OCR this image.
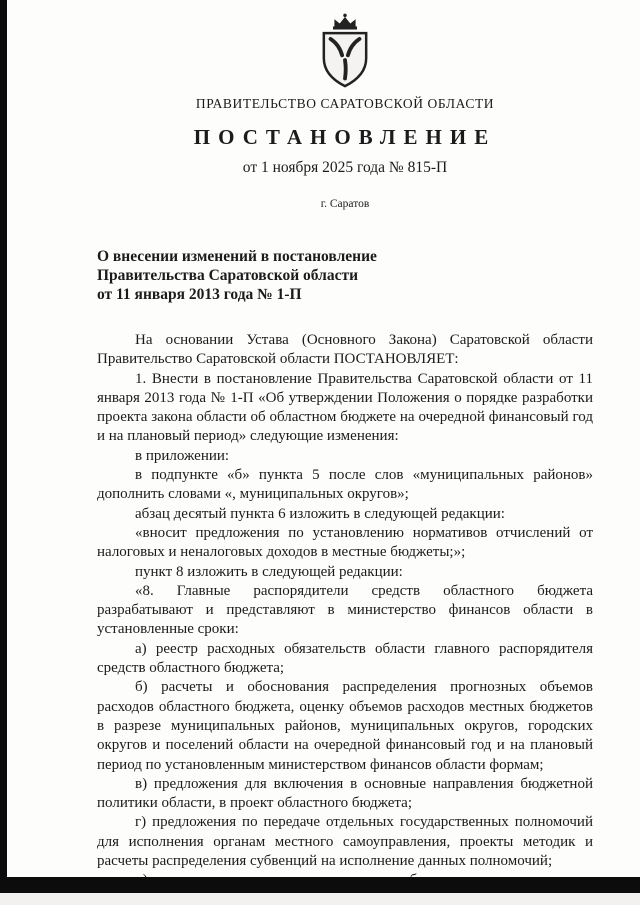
ПРАВИТЕЛЬСТВО САРАТОВСКОЙ ОБЛАСТИ
ПОСТАНОВЛЕНИЕ
от 1 ноября 2025 года № 815-П
г. Саратов
О внесении изменений в постановление
Правительства Саратовской области
от 11 января 2013 года № 1-П

На основании Устава (Основного Закона) Саратовской области Правительство Саратовской области ПОСТАНОВЛЯЕТ:

1. Внести в постановление Правительства Саратовской области от 11 января 2013 года № 1-П «Об утверждении Положения о порядке разработки проекта закона области об областном бюджете на очередной финансовый год и на плановый период» следующие изменения:

в приложении:

в подпункте «б» пункта 5 после слов «муниципальных районов» дополнить словами «, муниципальных округов»;

абзац десятый пункта 6 изложить в следующей редакции:

«вносит предложения по установлению нормативов отчислений от налоговых и неналоговых доходов в местные бюджеты;»;

пункт 8 изложить в следующей редакции:

«8. Главные распорядители средств областного бюджета разрабатывают и представляют в министерство финансов области в установленные сроки:

а) реестр расходных обязательств области главного распорядителя средств областного бюджета;

б) расчеты и обоснования распределения прогнозных объемов расходов областного бюджета, оценку объемов расходов местных бюджетов в разрезе муниципальных районов, муниципальных округов, городских округов и поселений области на очередной финансовый год и на плановый период по установленным министерством финансов области формам;

в) предложения для включения в основные направления бюджетной политики области, в проект областного бюджета;

г) предложения по передаче отдельных государственных полномочий для исполнения органам местного самоуправления, проекты методик и расчеты распределения субвенций на исполнение данных полномочий;
